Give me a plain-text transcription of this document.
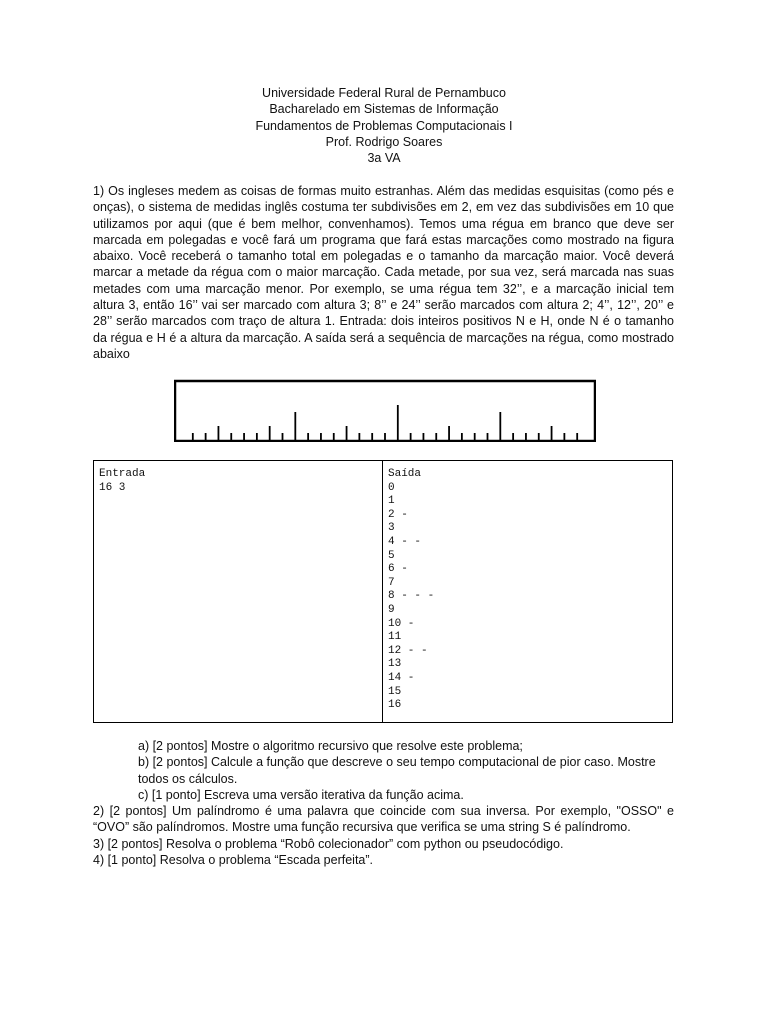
Universidade Federal Rural de Pernambuco
Bacharelado em Sistemas de Informação
Fundamentos de Problemas Computacionais I
Prof. Rodrigo Soares
3a VA
1) Os ingleses medem as coisas de formas muito estranhas. Além das medidas esquisitas (como pés e onças), o sistema de medidas inglês costuma ter subdivisões em 2, em vez das subdivisões em 10 que utilizamos por aqui (que é bem melhor, convenhamos). Temos uma régua em branco que deve ser marcada em polegadas e você fará um programa que fará estas marcações como mostrado na figura abaixo. Você receberá o tamanho total em polegadas e o tamanho da marcação maior. Você deverá marcar a metade da régua com o maior marcação. Cada metade, por sua vez, será marcada nas suas metades com uma marcação menor. Por exemplo, se uma régua tem 32’’, e a marcação inicial tem altura 3, então 16’’ vai ser marcado com altura 3; 8’’ e 24’’ serão marcados com altura 2; 4’’, 12’’, 20’’ e 28’’ serão marcados com traço de altura 1. Entrada: dois inteiros positivos N e H, onde N é o tamanho da régua e H é a altura da marcação. A saída será a sequência de marcações na régua, como mostrado abaixo
Entrada
16 3
Saída
0
1
2 -
3
4 - -
5
6 -
7
8 - - -
9
10 -
11
12 - -
13
14 -
15
16
a) [2 pontos] Mostre o algoritmo recursivo que resolve este problema;
b) [2 pontos] Calcule a função que descreve o seu tempo computacional de pior caso. Mostre todos os cálculos.
c) [1 ponto] Escreva uma versão iterativa da função acima.
2) [2 pontos] Um palíndromo é uma palavra que coincide com sua inversa. Por exemplo, "OSSO" e “OVO” são palíndromos. Mostre uma função recursiva que verifica se uma string S é palíndromo.
3) [2 pontos] Resolva o problema “Robô colecionador” com python ou pseudocódigo.
4) [1 ponto] Resolva o problema “Escada perfeita”.
